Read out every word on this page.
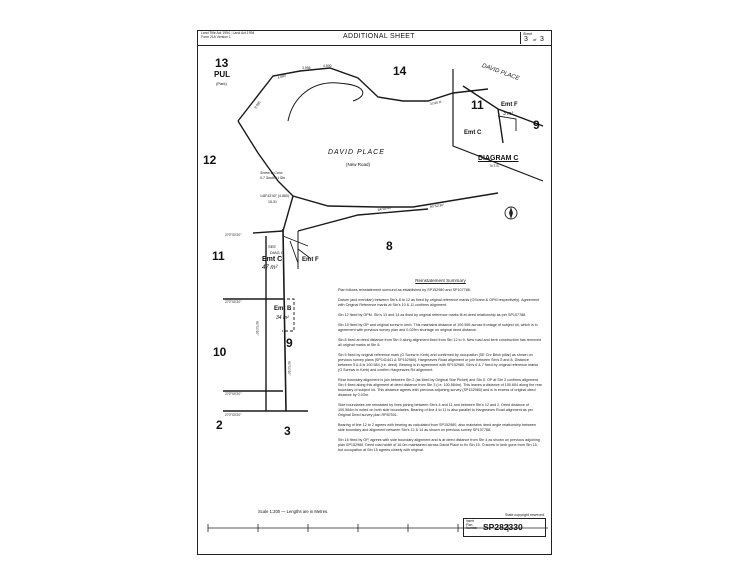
Land Title Act 1994 ; Land Act 1994
Form 21A Version 1	ADDITIONAL SHEET	Sheet
3 of 3
4.880
3.996	4.500
9.985	3.016 R
84°46'40"	90°52'30"
270°00'20"
270°00'20"
270°00'20"
270°00'20"
90°00'20"
90°00'20"
13
PUL
(Park)
14
12
11
8
10
9
2	3
DAVID PLACE
(New Road)
Emt C
47 m²
Emt F
Emt B
34 m²
SEE
DIAG C
Screw in Conc
0.7 South Lt Stn
148°43'40" (4.880)
15-31
DAVID PLACE
11
9
Emt F
3 m²
Emt C
DIAGRAM C
N.T.S.
Reinstatement Summary

Plan follows reinstatement surround as established by SP152980 and SP107788.

Datum (and meridian) between Stn's 8 to 12 as fixed by original reference marks (OScrew & OPM respectively). Agreement with Original Reference marks at Stn's 10 & 11 confirms alignment.

Stn 12 fixed by OPM. Stn's 13 and 14 as fixed by original reference marks fit at deed relationship as per SP107788.

Stn 15 fixed by OP and original screw in kerb. This maintains distance of 100.555 across frontage of subject lot, which is in agreement with previous survey plan and 0.029m shortage on original deed distance.

Stn 8 fixed at deed distance from Stn 9 along alignment fixed from Stn 12 to 9. New road and kerb construction has removed all original marks at Stn 8.

Stn 5 fixed by original reference mark (O Screw in Kerb) and confirmed by occupation (SE Cnr Brick pillar) as shown on previous survey plans (SP141441 & SP152980). Hargreaves Road alignment or join between Stn's 5 and 8. Distance between 5 & 8 is 100.584 (i.e. deed). Bearing is in agreement with SP152980. Stn's 6 & 7 fixed by original reference marks (O Screws in Kerb) and confirm Hargreaves Rd alignment.

Rear boundary alignment is join between Stn 2 (as fixed by Original Star Picket) and Stn 5. OP at Stn 3 confirms alignment. Stn 4 fixed along this alignment at deed distance from Stn 3 (i.e. 100.584m). This leaves a distance of 100.604 along the rear boundary of subject lot. This distance agrees with previous adjoining survey (SP152980) and is in excess of original deed distance by 0.03m.

Side boundaries are reinstated by lines joining between Stn's 4 and 11 and between Stn's 12 and 2. Deed distance of 100.584m is noted on both side boundaries. Bearing of line 4 to 11 is also parallel to Hargreaves Road alignment as per Original Deed survey plan RP87501.

Bearing of line 12 to 2 agrees with bearing as calculated from SP152980, also maintains deed angle relationship between side boundary and alignment between Stn's 12 & 14 as shown on previous survey SP107788.

Stn 16 fixed by OP, agrees with side boundary alignment and is at deed distance from Stn 4 as shown on previous adjoining plan SP152980. Deed road width of 16.0m maintained across David Place to fix Stn 15. O.screw in kerb gone from Stn 15, but occupation at Stn 15 agrees closely with original.

Scale 1:200 — Lengths are in Metres.
State copyright reserved.
Insert
Plan
Number SP282330
